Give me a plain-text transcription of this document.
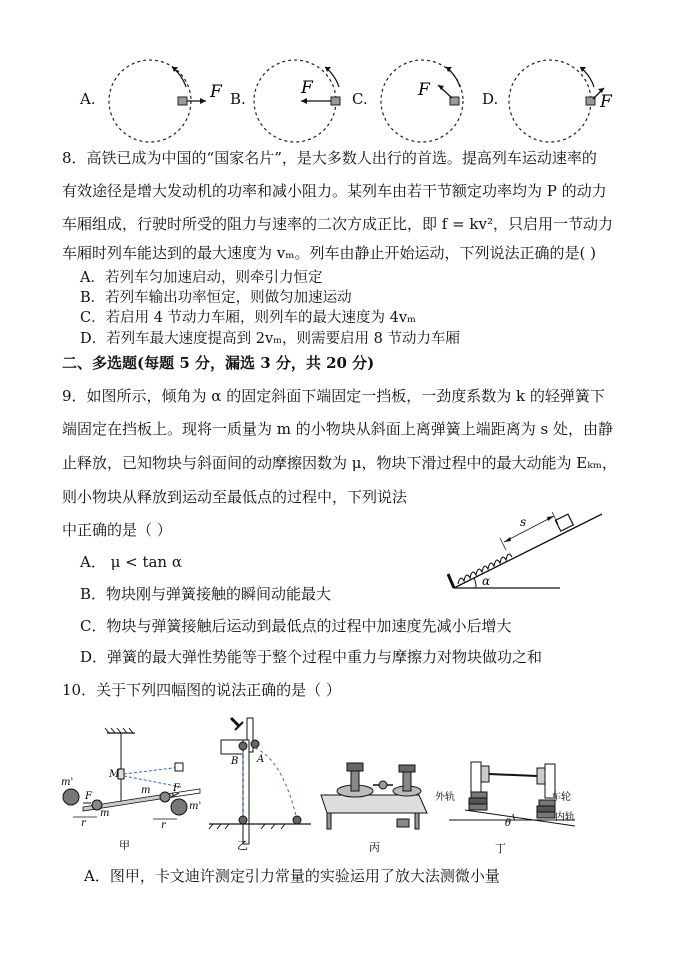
A.	F B.
F
C.	F	D.	F
8．高铁已成为中国的“国家名片”，是大多数人出行的首选。提高列车运动速率的
有效途径是增大发动机的功率和减小阻力。某列车由若干节额定功率均为 P 的动力
车厢组成，行驶时所受的阻力与速率的二次方成正比，即 f = kv²，只启用一节动力
车厢时列车能达到的最大速度为 vₘ。列车由静止开始运动，下列说法正确的是( )
A．若列车匀加速启动，则牵引力恒定
B．若列车输出功率恒定，则做匀加速运动
C．若启用 4 节动力车厢，则列车的最大速度为 4vₘ
D．若列车最大速度提高到 2vₘ，则需要启用 8 节动力车厢
二、多选题(每题 5 分，漏选 3 分，共 20 分)
9．如图所示，倾角为 α 的固定斜面下端固定一挡板，一劲度系数为 k 的轻弹簧下
端固定在挡板上。现将一质量为 m 的小物块从斜面上离弹簧上端距离为 s 处，由静
止释放，已知物块与斜面间的动摩擦因数为 μ，物块下滑过程中的最大动能为 Eₖₘ，
则小物块从释放到运动至最低点的过程中，下列说法
中正确的是（ ）
A． μ < tan α
B．物块刚与弹簧接触的瞬间动能最大
C．物块与弹簧接触后运动到最低点的过程中加速度先减小后增大
D．弹簧的最大弹性势能等于整个过程中重力与摩擦力对物块做功之和
α
s
10．关于下列四幅图的说法正确的是（ ）
M
m'
m
F
r
m F
m'
r
甲
B A
乙	丙
外轨	车轮
内轨
θ
丁
A．图甲，卡文迪许测定引力常量的实验运用了放大法测微小量
